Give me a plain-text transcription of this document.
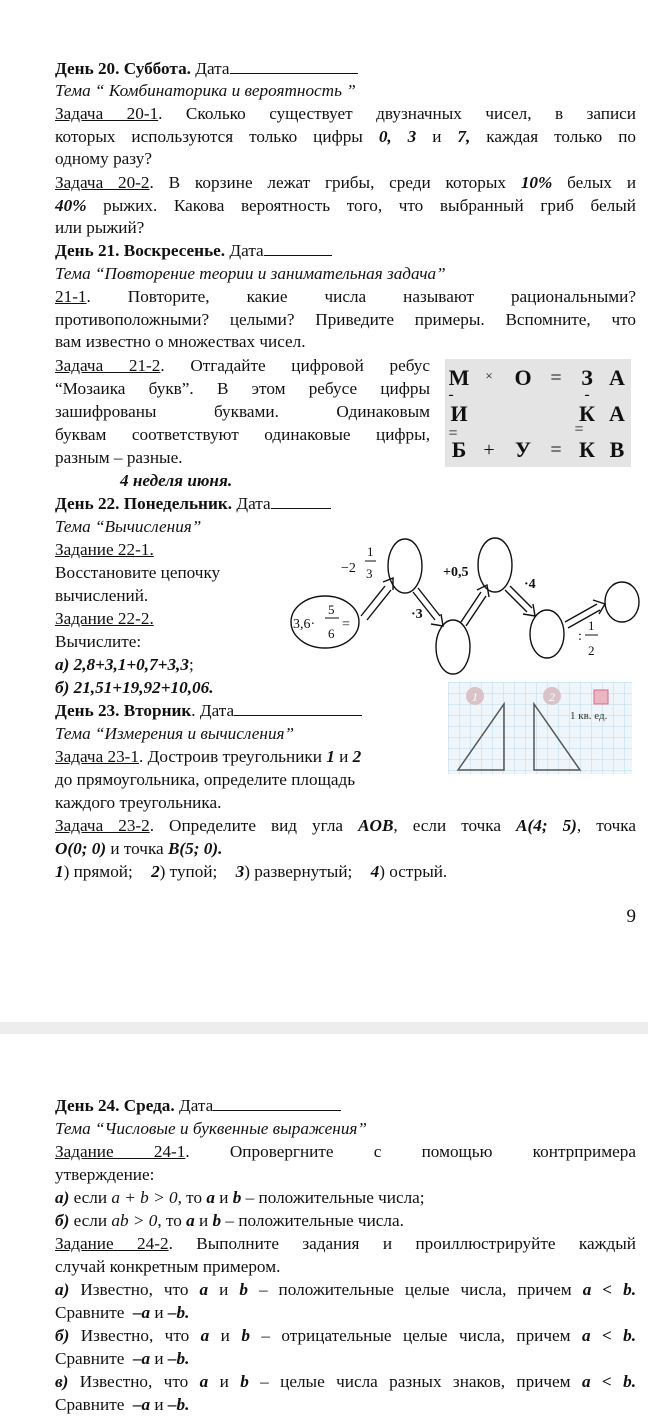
День 20. Суббота. Дата
Тема “ Комбинаторика и вероятность ”
Задача 20-1. Сколько существует двузначных чисел, в записи
которых используются только цифры 0, 3 и 7, каждая только по
одному разу?
Задача 20-2. В корзине лежат грибы, среди которых 10% белых и
40% рыжих. Какова вероятность того, что выбранный гриб белый
или рыжий?
День 21. Воскресенье. Дата
Тема “Повторение теории и занимательная задача”
21-1. Повторите, какие числа называют рациональными?
противоположными? целыми? Приведите примеры. Вспомните, что
вам известно о множествах чисел.
Задача 21-2. Отгадайте цифровой ребус
“Мозаика букв”. В этом ребусе цифры
зашифрованы буквами. Одинаковым
буквам соответствуют одинаковые цифры,
разным – разные.
М	× О = З А
-	-
И	К А
=	=
Б + У = К В
4 неделя июня.
День 22. Понедельник. Дата
Тема “Вычисления”
Задание 22-1.
Восстановите цепочку
вычислений.
Задание 22-2.
Вычислите:
а) 2,8+3,1+0,7+3,3;
б) 21,51+19,92+10,06.
3,6·
5
6
=
−2
1
3
·3
+0,5
·4
:
1
2
День 23. Вторник. Дата
Тема “Измерения и вычисления”
Задача 23-1. Достроив треугольники 1 и 2
до прямоугольника, определите площадь
каждого треугольника.
1	2
1 кв. ед.
Задача 23-2. Определите вид угла AOB, если точка A(4; 5), точка
O(0; 0) и точка B(5; 0).
1) прямой; 2) тупой; 3) развернутый; 4) острый.
9
День 24. Среда. Дата
Тема “Числовые и буквенные выражения”
Задание 24-1. Опровергните с помощью контрпримера
утверждение:
а) если a + b > 0, то a и b – положительные числа;
б) если ab > 0, то a и b – положительные числа.
Задание 24-2. Выполните задания и проиллюстрируйте каждый
случай конкретным примером.
а) Известно, что a и b – положительные целые числа, причем a < b.
Сравните –a и –b.
б) Известно, что a и b – отрицательные целые числа, причем a < b.
Сравните –a и –b.
в) Известно, что a и b – целые числа разных знаков, причем a < b.
Сравните –a и –b.
